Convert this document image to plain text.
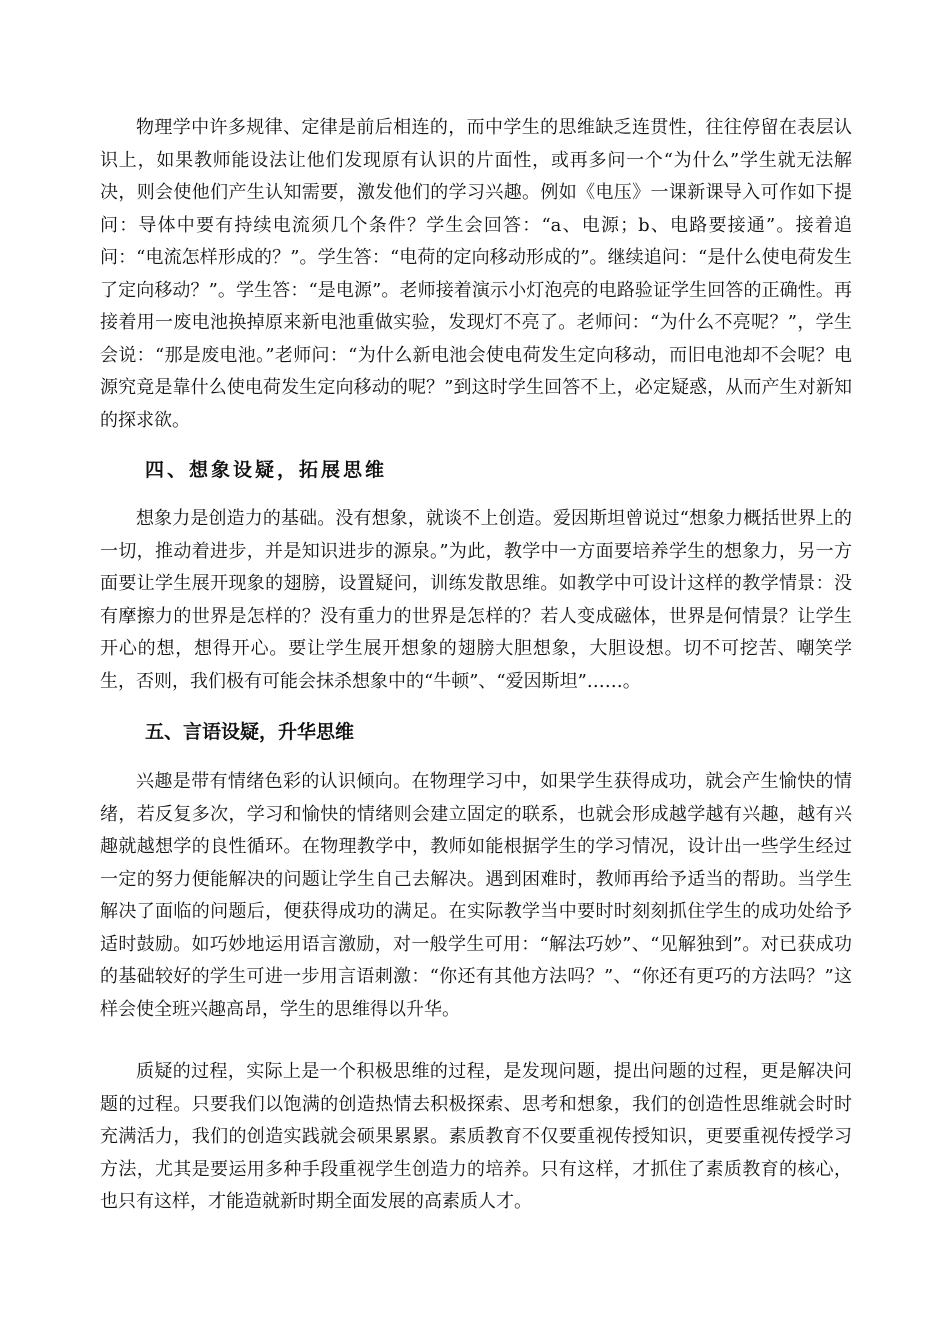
物理学中许多规律、定律是前后相连的，而中学生的思维缺乏连贯性，往往停留在表层认识上，如果教师能设法让他们发现原有认识的片面性，或再多问一个“为什么”学生就无法解决，则会使他们产生认知需要，激发他们的学习兴趣。例如《电压》一课新课导入可作如下提问：导体中要有持续电流须几个条件？学生会回答：“a、电源；b、电路要接通”。接着追问：“电流怎样形成的？”。学生答：“电荷的定向移动形成的”。继续追问：“是什么使电荷发生了定向移动？”。学生答：“是电源”。老师接着演示小灯泡亮的电路验证学生回答的正确性。再接着用一废电池换掉原来新电池重做实验，发现灯不亮了。老师问：“为什么不亮呢？”，学生会说：“那是废电池。”老师问：“为什么新电池会使电荷发生定向移动，而旧电池却不会呢？电源究竟是靠什么使电荷发生定向移动的呢？”到这时学生回答不上，必定疑惑，从而产生对新知的探求欲。

四、想象设疑，拓展思维

想象力是创造力的基础。没有想象，就谈不上创造。爱因斯坦曾说过“想象力概括世界上的一切，推动着进步，并是知识进步的源泉。”为此，教学中一方面要培养学生的想象力，另一方面要让学生展开现象的翅膀，设置疑问，训练发散思维。如教学中可设计这样的教学情景：没有摩擦力的世界是怎样的？没有重力的世界是怎样的？若人变成磁体，世界是何情景？让学生开心的想，想得开心。要让学生展开想象的翅膀大胆想象，大胆设想。切不可挖苦、嘲笑学生，否则，我们极有可能会抹杀想象中的“牛顿”、“爱因斯坦”……。

五、言语设疑，升华思维

兴趣是带有情绪色彩的认识倾向。在物理学习中，如果学生获得成功，就会产生愉快的情绪，若反复多次，学习和愉快的情绪则会建立固定的联系，也就会形成越学越有兴趣，越有兴趣就越想学的良性循环。在物理教学中，教师如能根据学生的学习情况，设计出一些学生经过一定的努力便能解决的问题让学生自己去解决。遇到困难时，教师再给予适当的帮助。当学生解决了面临的问题后，便获得成功的满足。在实际教学当中要时时刻刻抓住学生的成功处给予适时鼓励。如巧妙地运用语言激励，对一般学生可用：“解法巧妙”、“见解独到”。对已获成功的基础较好的学生可进一步用言语刺激：“你还有其他方法吗？”、“你还有更巧的方法吗？”这样会使全班兴趣高昂，学生的思维得以升华。

质疑的过程，实际上是一个积极思维的过程，是发现问题，提出问题的过程，更是解决问题的过程。只要我们以饱满的创造热情去积极探索、思考和想象，我们的创造性思维就会时时充满活力，我们的创造实践就会硕果累累。素质教育不仅要重视传授知识，更要重视传授学习方法，尤其是要运用多种手段重视学生创造力的培养。只有这样，才抓住了素质教育的核心，也只有这样，才能造就新时期全面发展的高素质人才。
